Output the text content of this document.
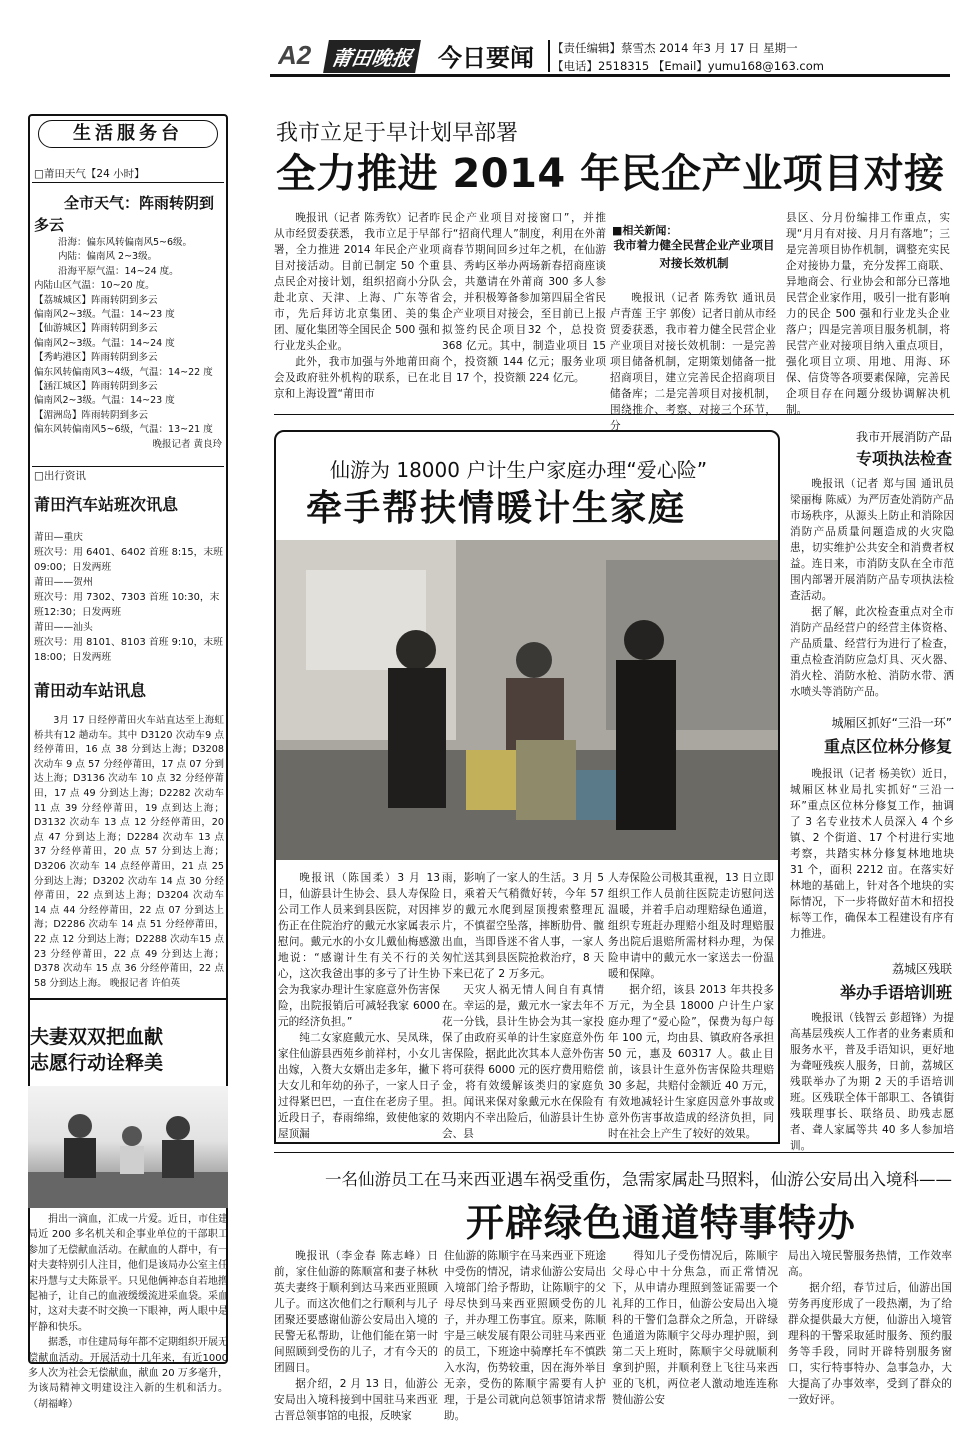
A2 莆田晚报 今日要闻 【责任编辑】蔡雪杰 2014 年3 月 17 日 星期一
【电话】2518315 【Email】yumu168@163.com
生活服务台
□莆田天气【24 小时】
全市天气：阵雨转阴到多云
沿海：偏东风转偏南风5~6级。
内陆：偏南风 2~3级。
沿海平原气温：14~24 度。
内陆山区气温：10~20 度。
【荔城城区】阵雨转阴到多云
偏南风2~3级。气温：14~23 度
【仙游城区】阵雨转阴到多云
偏南风2~3级。气温：14~24 度
【秀屿港区】阵雨转阴到多云
偏东风转偏南风3~4级，气温：14~22 度
【涵江城区】阵雨转阴到多云
偏南风2~3级。气温：14~23 度
【湄洲岛】阵雨转阴到多云
偏东风转偏南风5~6级，气温：13~21 度
晚报记者 黄良玲
□出行资讯
莆田汽车站班次讯息
莆田—重庆
班次号：用 6401、6402 首班 8:15，末班 09:00；日发两班
莆田——贺州
班次号：用 7302、7303 首班 10:30，末班12:30；日发两班
莆田——汕头
班次号：用 8101、8103 首班 9:10，末班18:00；日发两班
莆田动车站讯息

3月 17 日经停莆田火车站直达至上海虹桥共有12 趟动车。其中 D3120 次动车9 点经停莆田，16 点 38 分到达上海；D3208 次动车 9 点 57 分经停莆田，17 点 07 分到达上海；D3136 次动车 10 点 32 分经停莆田，17 点 49 分到达上海；D2282 次动车 11 点 39 分经停莆田，19 点到达上海；D3132 次动车 13 点 12 分经停莆田，20 点 47 分到达上海；D2284 次动车 13 点 37 分经停莆田，20 点 57 分到达上海；D3206 次动车 14 点经停莆田，21 点 25 分到达上海；D3202 次动车 14 点 30 分经停莆田，22 点到达上海；D3204 次动车 14 点 44 分经停莆田，22 点 07 分到达上海；D2286 次动车 14 点 51 分经停莆田，22 点 12 分到达上海；D2288 次动车15 点 23 分经停莆田，22 点 49 分到达上海；D378 次动车 15 点 36 分经停莆田，22 点 58 分到达上海。 晚报记者 许伯英

夫妻双双把血献
志愿行动诠释美

捐出一滴血，汇成一片爱。近日，市住建局近 200 多名机关和企事业单位的干部职工参加了无偿献血活动。在献血的人群中，有一对夫妻特别引人注目，他们是该局办公室主任宋丹慧与丈夫陈景平。只见他俩神态自若地撸起袖子，让自己的血液缓缓流进采血袋。采血时，这对夫妻不时交换一下眼神，两人眼中是平静和快乐。

据悉，市住建局每年都不定期组织开展无偿献血活动。开展活动十几年来，有近1000 多人次为社会无偿献血，献血 20 万多毫升，为该局精神文明建设注入新的生机和活力。（胡福峰）

我市立足于早计划早部署
全力推进 2014 年民企产业项目对接

晚报讯（记者 陈秀钦）记者昨从市经贸委获悉， 我市立足于早部署，全力推进 2014 年民企产业项目对接活动。目前已制定 50 个重点民企对接计划，组织招商小分队赴北京、天津、上海、广东等省市，先后拜访北京集团、美的集团、厦化集团等全国民企 500 强和行业龙头企业。

此外，我市加强与外地莆田商会及政府驻外机构的联系，已在北京和上海设置“莆田市

民企产业项目对接窗口”，并推行“招商代理人”制度，利用在外莆商春节期间回乡过年之机，在仙游县、秀屿区举办两场新春招商座谈会，共邀请在外莆商 300 多人参会，并积极筹备参加第四届全省民企产业项目对接会，至目前已上报拟签约民企项目32 个，总投资 368 亿元。其中，制造业项目 15 个，投资额 144 亿元；服务业项目 17 个，投资额 224 亿元。

■相关新闻：
我市着力健全民营企业产业项目对接长效机制

晚报讯（记者 陈秀钦 通讯员 卢青莲 王宇 郭俊）记者日前从市经贸委获悉，我市着力健全民营企业产业项目对接长效机制：一是完善项目储备机制，定期策划储备一批招商项目，建立完善民企招商项目储备库；二是完善项目对接机制，围绕推介、考察、对接三个环节，分

县区、分月份编排工作重点，实现“月月有对接、月月有落地”；三是完善项目协作机制，调整充实民企对接协力量，充分发挥工商联、异地商会、行业协会和部分已落地民营企业家作用，吸引一批有影响力的民企 500 强和行业龙头企业落户；四是完善项目服务机制，将民营产业对接项目纳入重点项目，强化项目立项、用地、用海、环保、信贷等各项要素保障，完善民企项目存在问题分级协调解决机制。

仙游为 18000 户计生户家庭办理“爱心险”
牵手帮扶情暖计生家庭

晚报讯（陈国柔）3 月 13 日，仙游县计生协会、县人寿保险公司工作人员来到县医院，对因摔伤正在住院治疗的戴元水家属表示慰问。戴元水的小女儿戴仙梅感激地说：“感谢计生有关不行的关心，这次我爸出事的多亏了计生协会为我家办理计生家庭意外伤害保险，出院报销后可减轻我家 6000 元的经济负担。”

纯二女家庭戴元水、吴凤珠，家住仙游县西苑乡前祥村，小女儿出嫁，入赘大女婿出走多年，撇下大女儿和年幼的孙子，一家人日子过得紧巴巴，一直住在老房子里。近段日子，春雨绵绵，致使他家的屋顶漏

雨，影响了一家人的生活。3 月 5 日，乘着天气稍微好转，今年 57 岁的戴元水爬到屋顶搜索整理瓦片，不慎翟空坠落，摔断肋骨、髋出血，当即昏迷不省人事，一家人匆忙送其到县医院抢救治疗，8 天下来已花了 2 万多元。

天灾人祸无情人间自有真情在。幸运的是，戴元水一家去年不花一分钱，县计生协会为其一家投保了由政府买单的计生家庭意外伤害保险，据此此次其本人意外伤害将可获得 6000 元的医疗费用赔偿金，将有效缓解该类归的家庭负担。闻讯来保对象戴元水在保险有效期内不幸出险后，仙游县计生协会、县

人寿保险公司极其重视，13 日立即组织工作人员前往医院走访慰问送温暖，并着手启动理赔绿色通道，组织专班赶办理赔小组及时理赔服务出院后退赔所需材料办理，为保险申请中的戴元水一家送去一份温暖和保障。

据介绍，该县 2013 年共投多万元，为全县 18000 户计生户家庭办理了“爱心险”，保费为每户每年 100 元，均由县、镇政府各承担 50 元，惠及 60317 人。截止目前，该县计生意外伤害保险共理赔 30 多起，共赔付金额近 40 万元，有效地减轻计生家庭因意外事故或意外伤害事故造成的经济负担，同时在社会上产生了较好的效果。

我市开展消防产品
专项执法检查

晚报讯（记者 郑与国 通讯员 梁丽梅 陈威）为严厉查处消防产品市场秩序，从源头上防止和消除因消防产品质量问题造成的火灾隐患，切实维护公共安全和消费者权益。连日来，市消防支队在全市范围内部署开展消防产品专项执法检查活动。

据了解，此次检查重点对全市消防产品经营户的经营主体资格、产品质量、经营行为进行了检查，重点检查消防应急灯具、灭火器、消火栓、消防水枪、消防水带、洒水喷头等消防产品。

城厢区抓好“三沿一环”
重点区位林分修复

晚报讯（记者 杨美钦）近日，城厢区林业局扎实抓好“三沿一环”重点区位林分修复工作，抽调了 3 名专业技术人员深入 4 个乡镇、2 个街道、17 个村进行实地考察，共踏实林分修复林地地块 31 个，面积 2212 亩。在落实好林地的基础上，针对各个地块的实际情况，下一步将做好苗木和招投标等工作，确保本工程建设有序有力推进。

荔城区残联
举办手语培训班

晚报讯（钱智云 彭超锋）为提高基层残疾人工作者的业务素质和服务水平，普及手语知识，更好地为聋哑残疾人服务，日前，荔城区残联举办了为期 2 天的手语培训班。区残联全体干部职工、各镇街残联理事长、联络员、助残志愿者、聋人家属等共 40 多人参加培训。

一名仙游员工在马来西亚遇车祸受重伤，急需家属赴马照料，仙游公安局出入境科——
开辟绿色通道特事特办

晚报讯（李金春 陈志峰）日前，家住仙游的陈顺富和妻子林秋英夫妻终于顺利到达马来西亚照顾儿子。而这次他们之行顺利与儿子团聚还要感谢仙游公安局出入境的民警无私帮助，让他们能在第一时间照顾到受伤的儿子，才有今天的团圆日。

据介绍，2 月 13 日，仙游公安局出入境科接到中国驻马来西亚古晋总领事馆的电报，反映家

住仙游的陈顺宇在马来西亚下班途中受伤的情况，请求仙游公安局出入境部门给予帮助，让陈顺宇的父母尽快到马来西亚照顾受伤的儿子，并办理工伤事宜。原来，陈顺宇是三峡发展有限公司驻马来西亚的员工，下班途中骑摩托车不慎跌入水沟，伤势较重，因在海外举目无亲，受伤的陈顺宇需要有人护理，于是公司就向总领事馆请求帮助。

得知儿子受伤情况后，陈顺宇父母心中十分焦急，而正常情况下，从申请办理照到签证需要一个礼拜的工作日，仙游公安局出入境科的干警们急群众之所急，开辟绿色通道为陈顺宇父母办理护照，到第二天上班时，陈顺宇父母就顺利拿到护照，并顺利登上飞往马来西亚的飞机，两位老人激动地连连称赞仙游公安

局出入境民警服务热情，工作效率高。

据介绍，春节过后，仙游出国劳务再度形成了一段热潮，为了给群众提供最大方便，仙游出入境管理科的干警采取延时服务、预约服务等手段，同时开辟特别服务窗口，实行特事特办、急事急办，大大提高了办事效率，受到了群众的一致好评。
